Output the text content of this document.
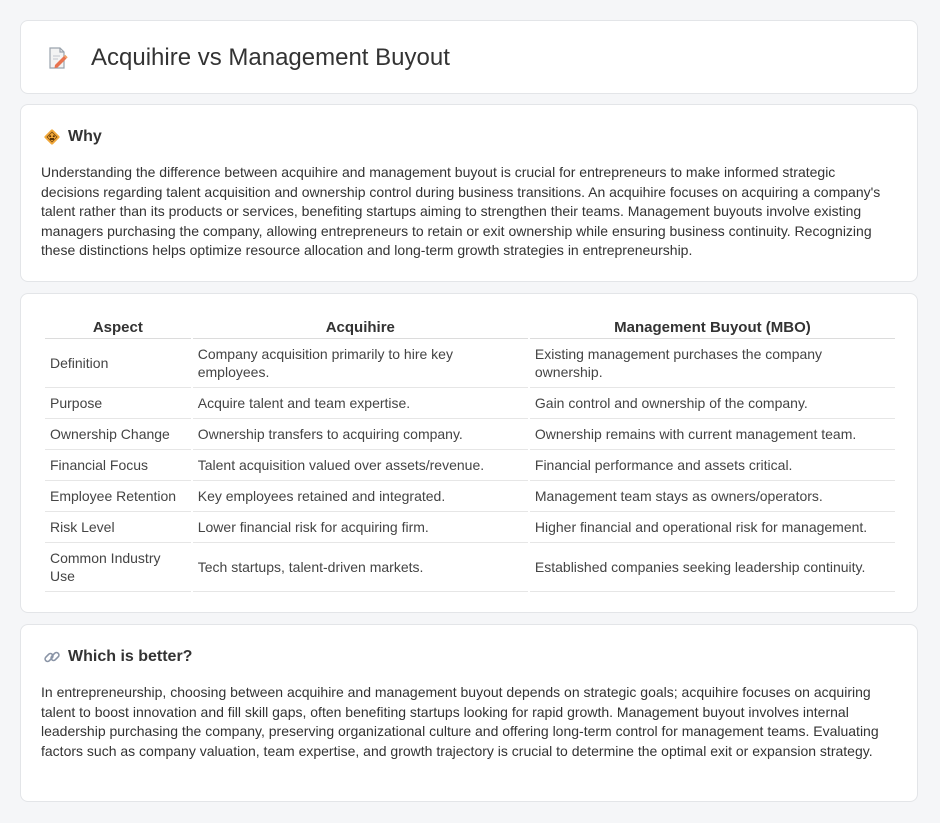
Acquihire vs Management Buyout
Why

Understanding the difference between acquihire and management buyout is crucial for entrepreneurs to make informed strategic decisions regarding talent acquisition and ownership control during business transitions. An acquihire focuses on acquiring a company's talent rather than its products or services, benefiting startups aiming to strengthen their teams. Management buyouts involve existing managers purchasing the company, allowing entrepreneurs to retain or exit ownership while ensuring business continuity. Recognizing these distinctions helps optimize resource allocation and long-term growth strategies in entrepreneurship.

Aspect	Acquihire	Management Buyout (MBO)
Definition	Company acquisition primarily to hire key employees.	Existing management purchases the company ownership.
Purpose	Acquire talent and team expertise.	Gain control and ownership of the company.
Ownership Change	Ownership transfers to acquiring company.	Ownership remains with current management team.
Financial Focus	Talent acquisition valued over assets/revenue.	Financial performance and assets critical.
Employee Retention	Key employees retained and integrated.	Management team stays as owners/operators.
Risk Level	Lower financial risk for acquiring firm.	Higher financial and operational risk for management.
Common Industry Use	Tech startups, talent-driven markets.	Established companies seeking leadership continuity.
Which is better?

In entrepreneurship, choosing between acquihire and management buyout depends on strategic goals; acquihire focuses on acquiring talent to boost innovation and fill skill gaps, often benefiting startups looking for rapid growth. Management buyout involves internal leadership purchasing the company, preserving organizational culture and offering long-term control for management teams. Evaluating factors such as company valuation, team expertise, and growth trajectory is crucial to determine the optimal exit or expansion strategy.
